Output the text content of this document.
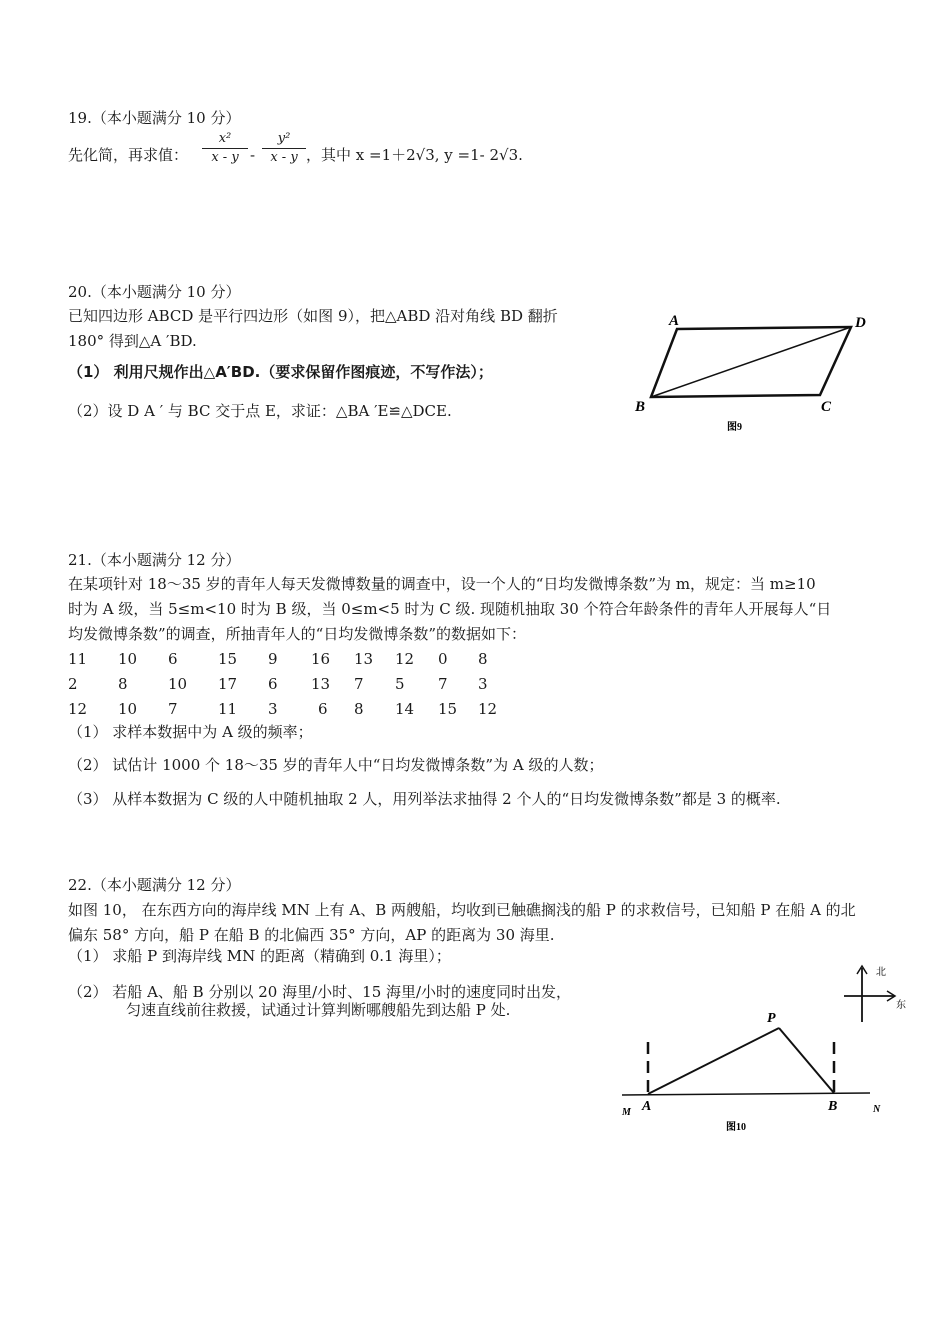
19.（本小题满分 10 分）
先化简，再求值： $\frac{\text{x²}}{x - y} - \frac{\text{y²}}{x - y}$ ，其中 x =1＋2√3, y =1- 2√3.
20.（本小题满分 10 分）
已知四边形 ABCD 是平行四边形（如图 9），把△ABD 沿对角线 BD 翻折
180° 得到△A ′BD.
（1） 利用尺规作出△A′BD.（要求保留作图痕迹，不写作法）；
（2）设 D A ′ 与 BC 交于点 E，求证：△BA ′E≌△DCE.
A	D
B	C
图9
21.（本小题满分 12 分）
在某项针对 18～35 岁的青年人每天发微博数量的调查中，设一个人的“日均发微博条数”为 m，规定：当 m≥10
时为 A 级，当 5≤m<10 时为 B 级，当 0≤m<5 时为 C 级. 现随机抽取 30 个符合年龄条件的青年人开展每人“日
均发微博条数”的调查，所抽青年人的“日均发微博条数”的数据如下：
11 10 6	15 9 16 13 12 0 8
2	8	10 17 6 13 7 5 7 3
12 10 7	11 3	6 8 14 15 12
（1） 求样本数据中为 A 级的频率；
（2） 试估计 1000 个 18～35 岁的青年人中“日均发微博条数”为 A 级的人数；
（3） 从样本数据为 C 级的人中随机抽取 2 人，用列举法求抽得 2 个人的“日均发微博条数”都是 3 的概率.
22.（本小题满分 12 分）
如图 10， 在东西方向的海岸线 MN 上有 A、B 两艘船，均收到已触礁搁浅的船 P 的求救信号，已知船 P 在船 A 的北
偏东 58° 方向，船 P 在船 B 的北偏西 35° 方向，AP 的距离为 30 海里.
（1） 求船 P 到海岸线 MN 的距离（精确到 0.1 海里）；
（2） 若船 A、船 B 分别以 20 海里/小时、15 海里/小时的速度同时出发，
匀速直线前往救援，试通过计算判断哪艘船先到达船 P 处.
北
东
P
A	B
M	N
图10
